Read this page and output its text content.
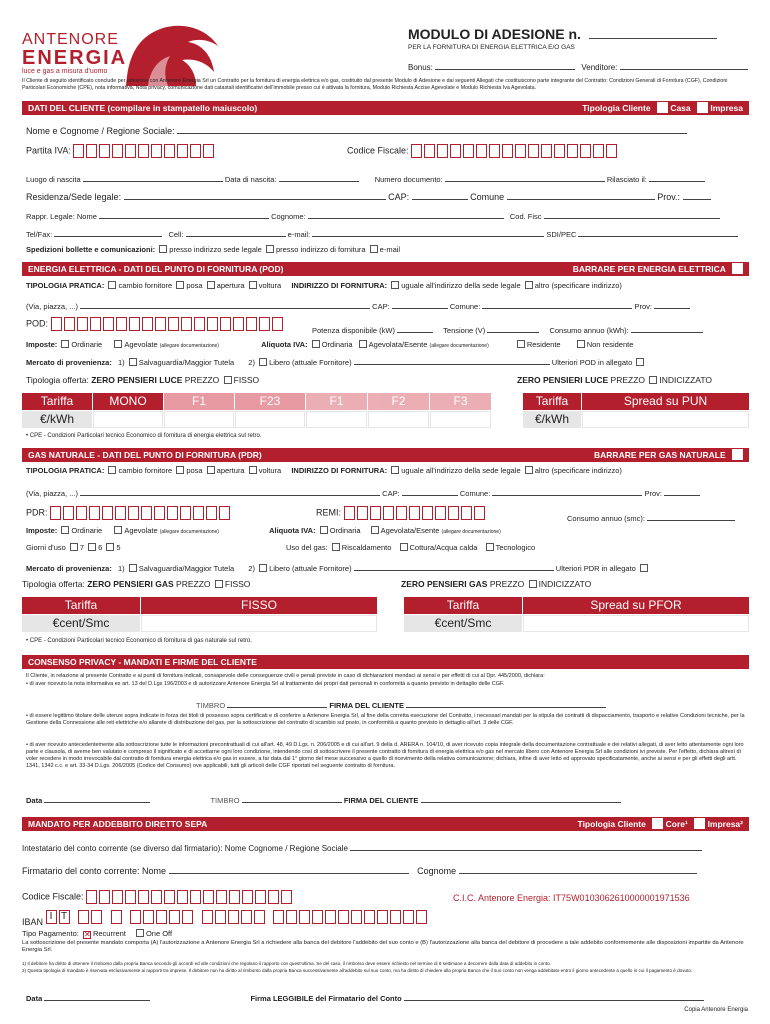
ANTENORE
ENERGIA
luce e gas a misura d'uomo
MODULO DI ADESIONE n.
PER LA FORNITURA DI ENERGIA ELETTRICA E/O GAS
Bonus:	Venditore:
Il Cliente di seguito identificato conclude per adesione con Antenore Energia Srl un Contratto per la fornitura di energia elettrica e/o gas, costituito dal presente Modulo di Adesione e dai seguenti Allegati che costituiscono parte integrante del Contratto: Condizioni Generali di Fornitura (CGF), Condizioni Particolari Economiche (CPE), nota informativa, Nota privacy, comunicazione dati catastali identificativi dell'immobile presso cui è attivata la fornitura, Modulo Richiesta Accise Agevolate e Modulo Richiesta Iva Agevolata.
DATI DEL CLIENTE (compilare in stampatello maiuscolo)	Tipologia Cliente Casa Impresa
Nome e Cognome / Regione Sociale:
Partita IVA:	Codice Fiscale:
Luogo di nascita	Data di nascita:	Numero documento:	Rilasciato il:
Residenza/Sede legale:	CAP:	Comune	Prov.:
Rappr. Legale: Nome	Cognome:	Cod. Fisc
Tel/Fax:	Cell:	e-mail:	SDI/PEC
Spedizioni bollette e comunicazioni: presso indirizzo sede legale presso indirizzo di fornitura e-mail
ENERGIA ELETTRICA - DATI DEL PUNTO DI FORNITURA (POD)	BARRARE PER ENERGIA ELETTRICA
TIPOLOGIA PRATICA: cambio fornitore posa apertura voltura INDIRIZZO DI FORNITURA: uguale all'indirizzo della sede legale altro (specificare indirizzo)
(Via, piazza, ...)	CAP:	Comune:	Prov:
POD:
Potenza disponibile (kW)	Tensione (V)	Consumo annuo (kWh):
Imposte: Ordinarie	Agevolate (allegare documentazione)	Aliquota IVA: Ordinaria Agevolata/Esente (allegare documentazione)	Residente	Non residente
Mercato di provenienza: 1) Salvaguardia/Maggior Tutela 2) Libero (attuale Fornitore)	Ulteriori POD in allegato
Tipologia offerta: ZERO PENSIERI LUCE PREZZO FISSO	ZERO PENSIERI LUCE PREZZO INDICIZZATO
Tariffa	MONO	F1	F23	F1	F2	F3	Tariffa	Spread su PUN
€/kWh	€/kWh
• CPE - Condizioni Particolari tecnico Economico di fornitura di energia elettrica sul retro.
GAS NATURALE - DATI DEL PUNTO DI FORNITURA (PDR)	BARRARE PER GAS NATURALE
TIPOLOGIA PRATICA: cambio fornitore posa apertura voltura INDIRIZZO DI FORNITURA: uguale all'indirizzo della sede legale altro (specificare indirizzo)
(Via, piazza, ...)	CAP:	Comune:	Prov:
PDR:	REMI:
Consumo annuo (smc):
Imposte: Ordinarie	Agevolate (allegare documentazione)	Aliquota IVA: Ordinaria	Agevolata/Esente (allegare documentazione)
Giorni d'uso 7 6 5	Uso del gas: Riscaldamento Cottura/Acqua calda Tecnologico
Mercato di provenienza: 1) Salvaguardia/Maggior Tutela 2) Libero (attuale Fornitore)	Ulteriori PDR in allegato
Tipologia offerta: ZERO PENSIERI GAS PREZZO FISSO	ZERO PENSIERI GAS PREZZO INDICIZZATO
Tariffa	FISSO	Tariffa	Spread su PFOR
€cent/Smc	€cent/Smc
• CPE - Condizioni Particolari tecnico Economico di fornitura di gas naturale sul retro.
CONSENSO PRIVACY - MANDATI E FIRME DEL CLIENTE
Il Cliente, in relazione al presente Contratto e ai punti di fornitura indicati, consapevole delle conseguenze civili e penali previste in caso di dichiarazioni mendaci ai sensi e per effetti di cui al Dpr. 445/2000, dichiara:
• di aver ricevuto la nota informativa ex art. 13 del D.Lgs 196/2003 e di autorizzare Antenore Energia Srl al trattamento dei propri dati personali in conformità a quanto previsto in dettaglio delle CGF.
TIMBRO	FIRMA DEL CLIENTE
• di essere legittimo titolare delle utenze sopra indicate in forza dei titoli di possesso sopra certificati e di conferire a Antenore Energia Srl, al fine della corretta esecuzione del Contratto, i necessari mandati per la stipula dei contratti di dispacciamento, trasporto e relative Condizioni tecniche, per la Gestione della Connessione alle reti elettriche e/o allarete di distribuzione del gas, per la sottoscrizione del contratto di scambio sul posto, in conformità a quanto previsto in dettaglio all'art. 3 delle CGF.
• di aver ricevuto antecedentemente alla sottoscrizione tutte le informazioni precontrattuali di cui all'art. 48, 49 D.Lgs. n. 206/2005 e di cui all'art. 9 della d. ARERA n. 104/10, di aver ricevuto copia integrale della documentazione contrattuale e dei relativi allegati, di aver letto attentamente ogni loro parte e clausola, di averne ben valutato e compreso il significato e di accettarne ogni loro condizione, intendendo così di sottoscrivere il presente contratto di fornitura di energia elettrica e/o gas nel mercato libero con Antenore Energia Srl alle condizioni ivi previste. Per l'effetto, dichiara altresì di voler recedere in modo irrevocabile dal contratto di fornitura energia elettrica e/o gas in essere, a far data dal 1° giorno del mese successivo a quello di ricevimento della relativa comunicazione; dichiara, infine di aver letto ed approvato specificatamente, anche ai sensi e per gli effetti degli artt. 1341, 1342 c.c. e art. 33-34 D.Lgs. 206/2005 (Codice del Consumo) ove applicabili, tutti gli articoli delle CGF riportati nel seguente contratto di fornitura.
Data	TIMBRO	FIRMA DEL CLIENTE
MANDATO PER ADDEBBITO DIRETTO SEPA	Tipologia Cliente Core¹ Impresa²
Intestatario del conto corrente (se diverso dal firmatario): Nome Cognome / Regione Sociale
Firmatario del conto corrente: Nome	Cognome
Codice Fiscale:	C.I.C. Antenore Energia: IT75W0103062610000001971536
IBAN I T
Tipo Pagamento: ✕ Recurrent	One Off
La sottoscrizione del presente mandato comporta (A) l'autorizzazione a Antenore Energia Srl a richiedere alla banca del debitore l'addebito del suo conto e (B) l'autorizzazione alla banca del debitore di procedere a tale addebito conformemente alle disposizioni impartite da Antenore Energia Srl.
1) Il debitore ha diritto di ottenere il rimborso dalla propria Banca secondo gli accordi ed alle condizioni che regolano il rapporto con quest'ultima. Se del caso, il rimborso deve essere richiesto nel termine di 8 settimane a decorrere dalla data di addebito in conto.
2) Questa tipologia di mandato è riservata esclusivamente ai rapporti tra imprese. Il debitore non ha diritto al rimborso dalla propria Banca successivamente all'addebito sul suo conto, ma ha diritto di chiedere alla propria Banca che il suo conto non venga addebitato entro il giorno antecedente a quello in cui il pagamento è dovuto.
Data	Firma LEGGIBILE del Firmatario del Conto
Copia Antenore Energia
